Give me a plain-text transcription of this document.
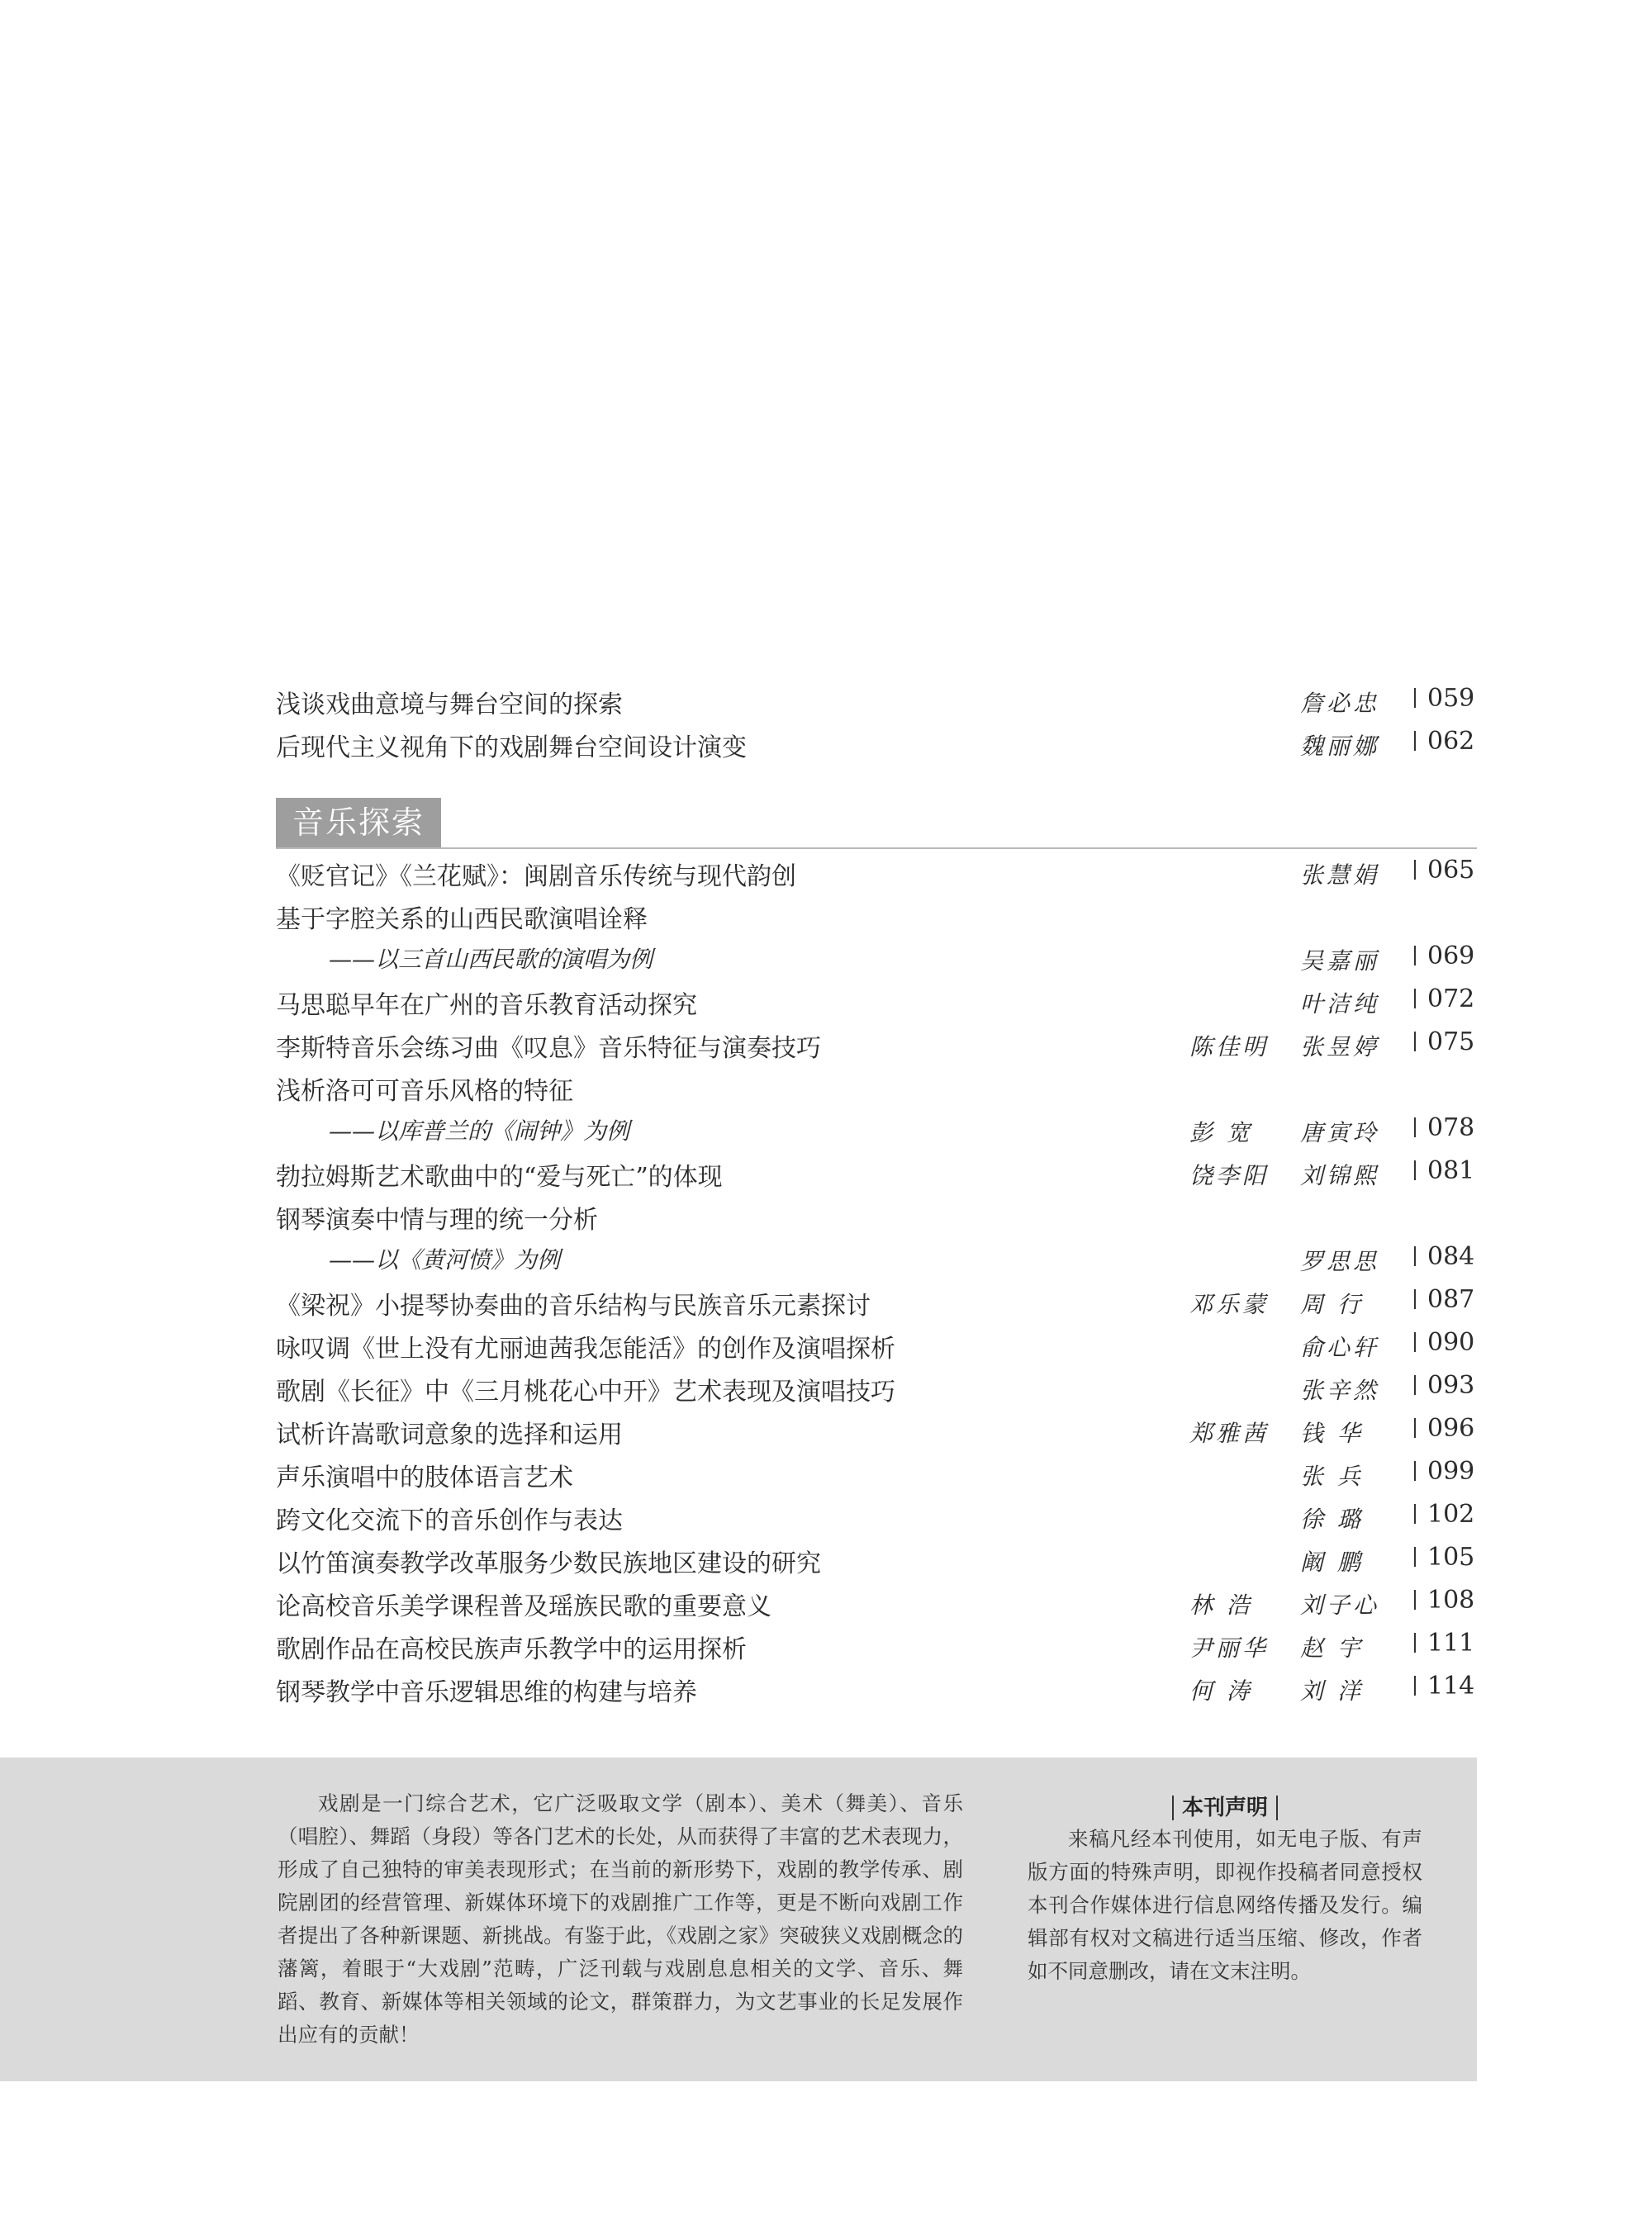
浅谈戏曲意境与舞台空间的探索	詹必忠	059
后现代主义视角下的戏剧舞台空间设计演变	魏丽娜	062
音乐探索
《贬官记》《兰花赋》：闽剧音乐传统与现代韵创	张慧娟	065
基于字腔关系的山西民歌演唱诠释
——以三首山西民歌的演唱为例	吴嘉丽	069
马思聪早年在广州的音乐教育活动探究	叶洁纯	072
李斯特音乐会练习曲《叹息》音乐特征与演奏技巧	陈佳明 张昱婷	075
浅析洛可可音乐风格的特征
——以库普兰的《闹钟》为例	彭 宽 唐寅玲	078
勃拉姆斯艺术歌曲中的“爱与死亡”的体现	饶李阳 刘锦熙	081
钢琴演奏中情与理的统一分析
——以《黄河愤》为例	罗思思	084
《梁祝》小提琴协奏曲的音乐结构与民族音乐元素探讨	邓乐蒙 周 行	087
咏叹调《世上没有尤丽迪茜我怎能活》的创作及演唱探析	俞心轩	090
歌剧《长征》中《三月桃花心中开》艺术表现及演唱技巧	张辛然	093
试析许嵩歌词意象的选择和运用	郑雅茜 钱 华	096
声乐演唱中的肢体语言艺术	张 兵	099
跨文化交流下的音乐创作与表达	徐 璐	102
以竹笛演奏教学改革服务少数民族地区建设的研究	阚 鹏	105
论高校音乐美学课程普及瑶族民歌的重要意义	林 浩 刘子心	108
歌剧作品在高校民族声乐教学中的运用探析	尹丽华 赵 宇	111
钢琴教学中音乐逻辑思维的构建与培养	何 涛 刘 洋	114

戏剧是一门综合艺术，它广泛吸取文学（剧本）、美术（舞美）、音乐（唱腔）、舞蹈（身段）等各门艺术的长处，从而获得了丰富的艺术表现力，形成了自己独特的审美表现形式；在当前的新形势下，戏剧的教学传承、剧院剧团的经营管理、新媒体环境下的戏剧推广工作等，更是不断向戏剧工作者提出了各种新课题、新挑战。有鉴于此，《戏剧之家》突破狭义戏剧概念的藩篱，着眼于“大戏剧”范畴，广泛刊载与戏剧息息相关的文学、音乐、舞蹈、教育、新媒体等相关领域的论文，群策群力，为文艺事业的长足发展作出应有的贡献！

本刊声明

来稿凡经本刊使用，如无电子版、有声版方面的特殊声明，即视作投稿者同意授权本刊合作媒体进行信息网络传播及发行。编辑部有权对文稿进行适当压缩、修改，作者如不同意删改，请在文末注明。
